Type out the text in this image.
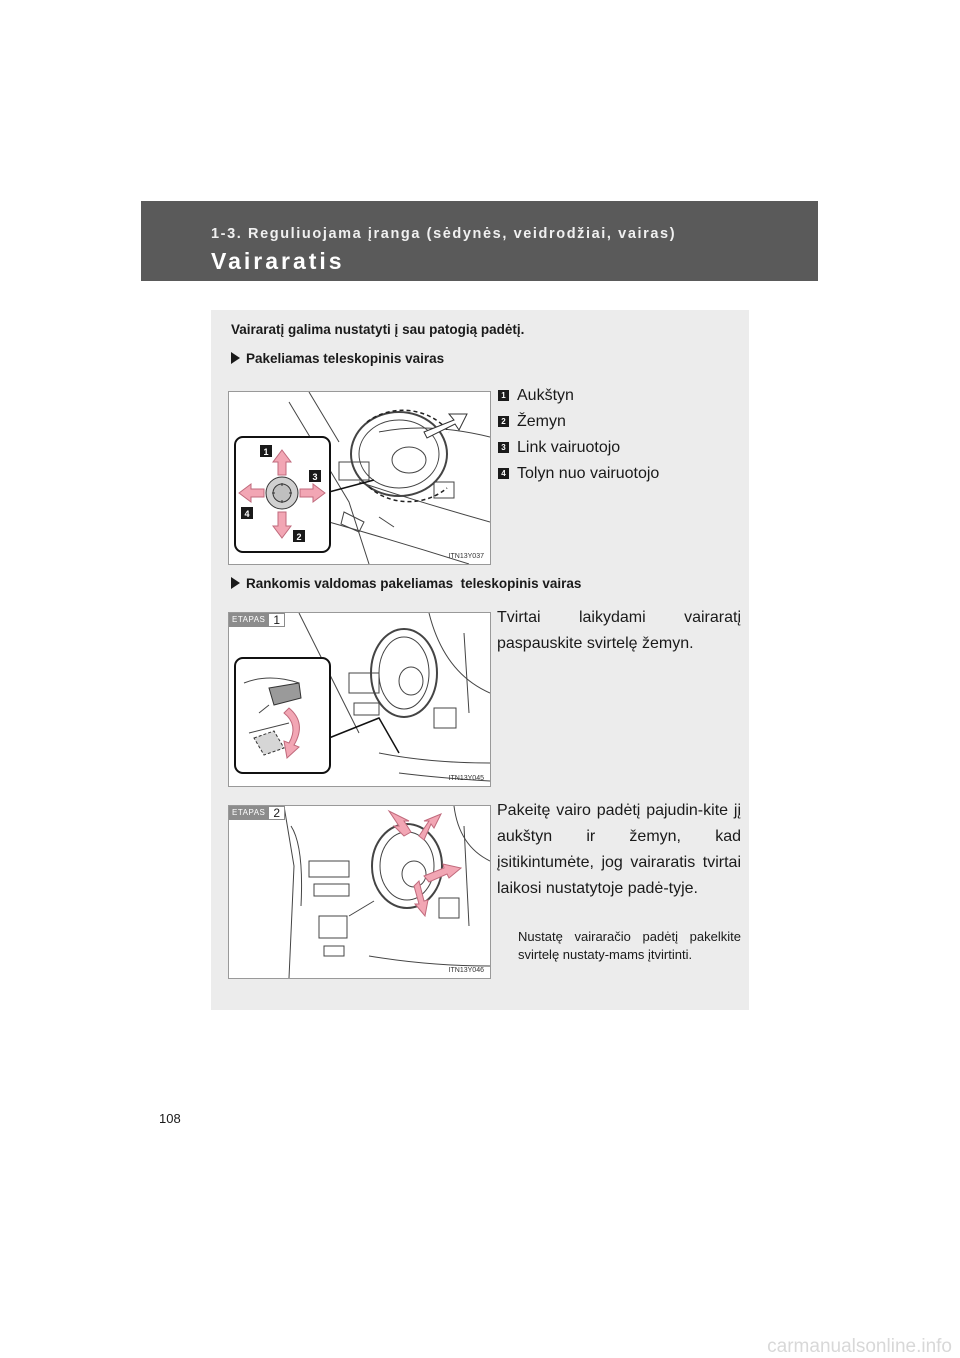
1-3. Reguliuojama įranga (sėdynės, veidrodžiai, vairas)
Vairaratis
Vairaratį galima nustatyti į sau patogią padėtį.
Pakeliamas teleskopinis vairas
1
3
4
2
ITN13Y037
1 Aukštyn
2 Žemyn
3 Link vairuotojo
4 Tolyn nuo vairuotojo
Rankomis valdomas pakeliamas  teleskopinis vairas
ETAPAS 1
ITN13Y045
Tvirtai laikydami vairaratį paspauskite svirtelę žemyn.
ETAPAS 2
ITN13Y046
Pakeitę vairo padėtį pajudin-kite jį aukštyn ir žemyn, kad įsitikintumėte, jog vairaratis tvirtai laikosi nustatytoje padė-tyje.
Nustatę vairaračio padėtį pakelkite svirtelę nustaty-mams įtvirtinti.
108
carmanualsonline.info
